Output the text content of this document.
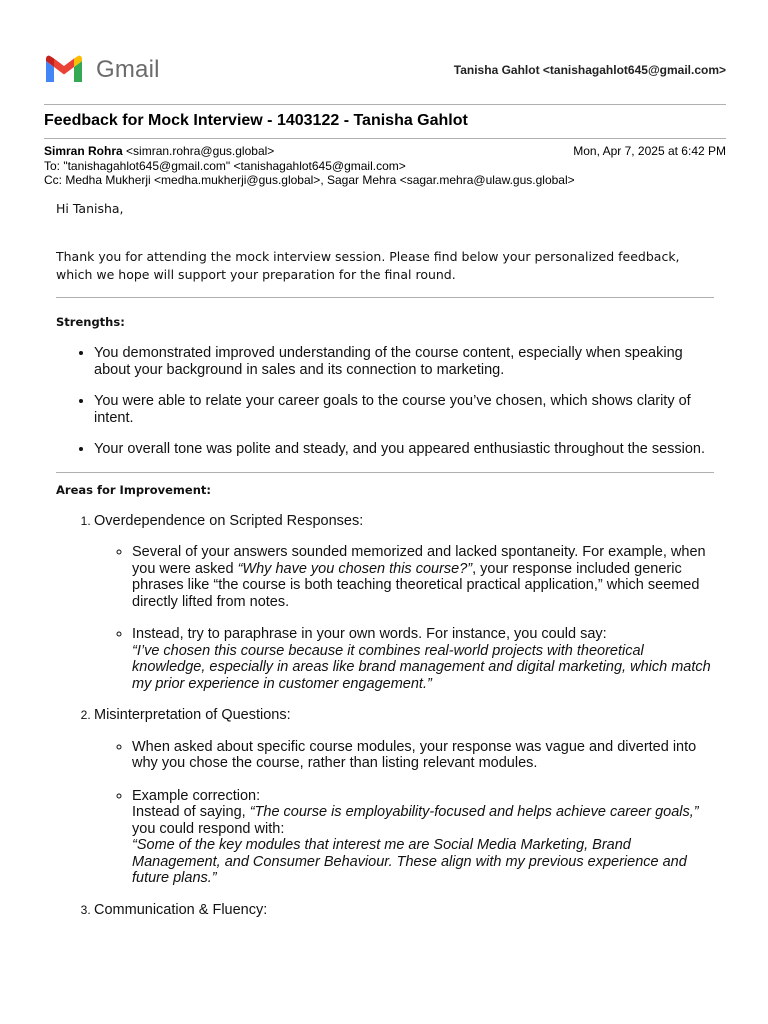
Gmail	Tanisha Gahlot <tanishagahlot645@gmail.com>
Feedback for Mock Interview - 1403122 - Tanisha Gahlot
Simran Rohra <simran.rohra@gus.global>	Mon, Apr 7, 2025 at 6:42 PM
To: "tanishagahlot645@gmail.com" <tanishagahlot645@gmail.com>
Cc: Medha Mukherji <medha.mukherji@gus.global>, Sagar Mehra <sagar.mehra@ulaw.gus.global>

Hi Tanisha,

Thank you for attending the mock interview session. Please find below your personalized feedback, which we hope will support your preparation for the final round.

Strengths:

• You demonstrated improved understanding of the course content, especially when speaking about your background in sales and its connection to marketing.
• You were able to relate your career goals to the course you’ve chosen, which shows clarity of intent.
• Your overall tone was polite and steady, and you appeared enthusiastic throughout the session.

Areas for Improvement:

1. Overdependence on Scripted Responses:
◦ Several of your answers sounded memorized and lacked spontaneity. For example, when you were asked “Why have you chosen this course?”, your response included generic phrases like “the course is both teaching theoretical practical application,” which seemed directly lifted from notes.
◦ Instead, try to paraphrase in your own words. For instance, you could say:
“I’ve chosen this course because it combines real-world projects with theoretical knowledge, especially in areas like brand management and digital marketing, which match my prior experience in customer engagement.”
2. Misinterpretation of Questions:
◦ When asked about specific course modules, your response was vague and diverted into why you chose the course, rather than listing relevant modules.
◦ Example correction:
Instead of saying, “The course is employability-focused and helps achieve career goals,” you could respond with:
“Some of the key modules that interest me are Social Media Marketing, Brand Management, and Consumer Behaviour. These align with my previous experience and future plans.”
3. Communication & Fluency:
